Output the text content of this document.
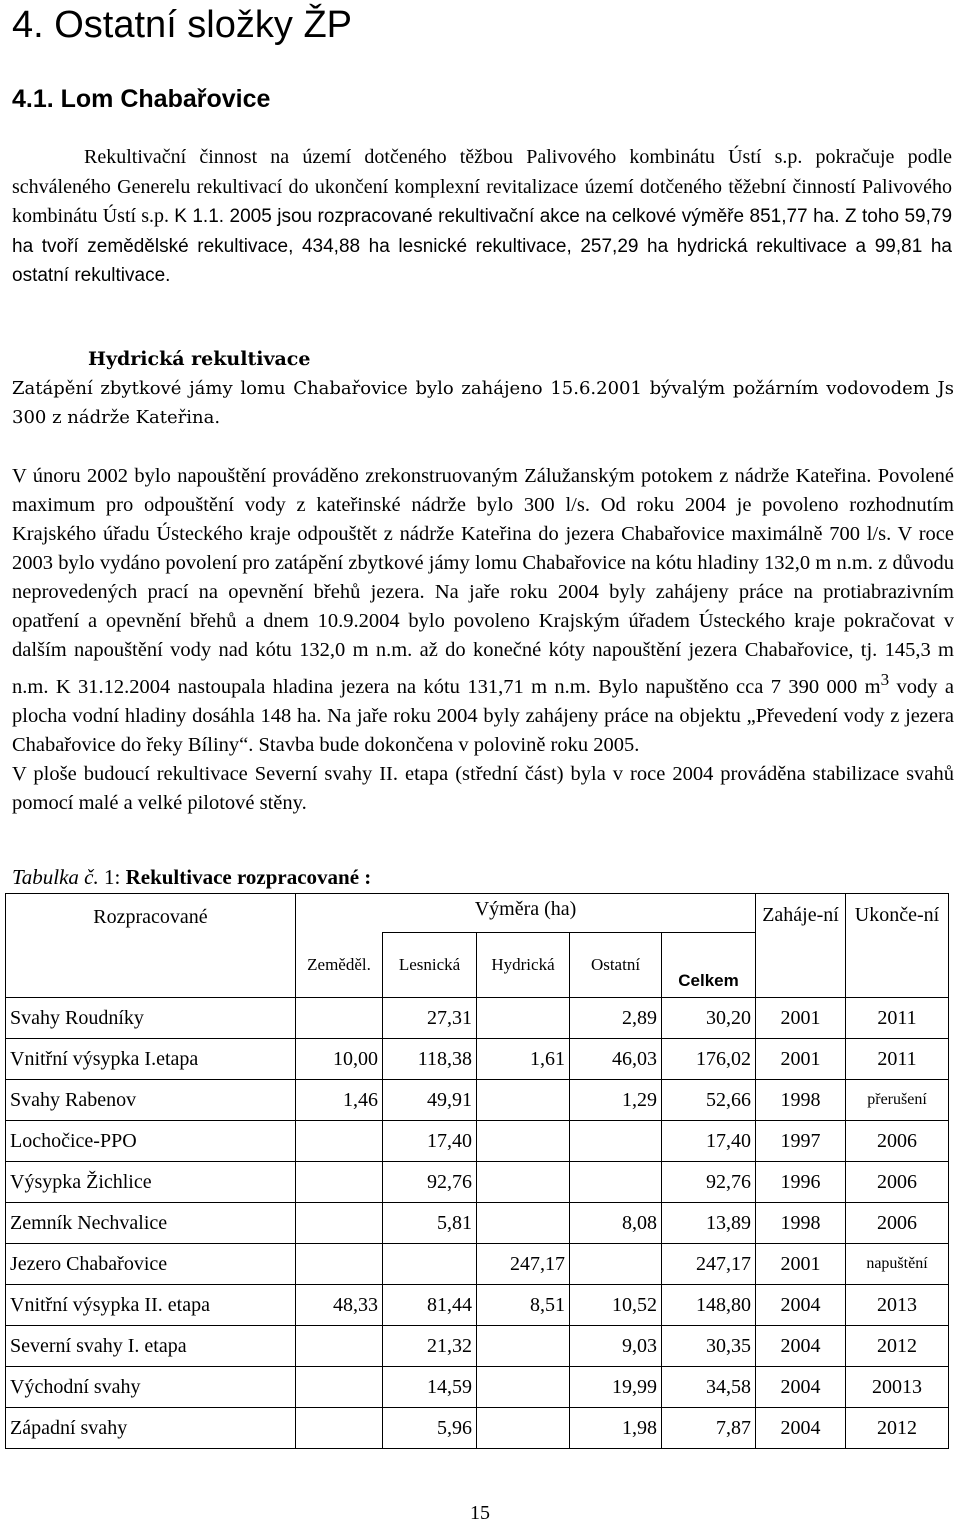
4. Ostatní složky ŽP
4.1. Lom Chabařovice
Rekultivační činnost na území dotčeného těžbou Palivového kombinátu Ústí s.p. pokračuje podle schváleného Generelu rekultivací do ukončení komplexní revitalizace území dotčeného těžební činností Palivového kombinátu Ústí s.p. K 1.1. 2005 jsou rozpracované rekultivační akce na celkové výměře 851,77 ha. Z toho 59,79 ha tvoří zemědělské rekultivace, 434,88 ha lesnické rekultivace, 257,29 ha hydrická rekultivace a 99,81 ha ostatní rekultivace.
Hydrická rekultivace
Zatápění zbytkové jámy lomu Chabařovice bylo zahájeno 15.6.2001 bývalým požárním vodovodem Js 300 z nádrže Kateřina.
V únoru 2002 bylo napouštění prováděno zrekonstruovaným Zálužanským potokem z nádrže Kateřina. Povolené maximum pro odpouštění vody z kateřinské nádrže bylo 300 l/s. Od roku 2004 je povoleno rozhodnutím Krajského úřadu Ústeckého kraje odpouštět z nádrže Kateřina do jezera Chabařovice maximálně 700 l/s. V roce 2003 bylo vydáno povolení pro zatápění zbytkové jámy lomu Chabařovice na kótu hladiny 132,0 m n.m. z důvodu neprovedených prací na opevnění břehů jezera. Na jaře roku 2004 byly zahájeny práce na protiabrazivním opatření a opevnění břehů a dnem 10.9.2004 bylo povoleno Krajským úřadem Ústeckého kraje pokračovat v dalším napouštění vody nad kótu 132,0 m n.m. až do konečné kóty napouštění jezera Chabařovice, tj. 145,3 m n.m. K 31.12.2004 nastoupala hladina jezera na kótu 131,71 m n.m. Bylo napuštěno cca 7 390 000 $m^3$ vody a plocha vodní hladiny dosáhla 148 ha. Na jaře roku 2004 byly zahájeny práce na objektu „Převedení vody z jezera Chabařovice do řeky Bíliny“. Stavba bude dokončena v polovině roku 2005.
V ploše budoucí rekultivace Severní svahy II. etapa (střední část) byla v roce 2004 prováděna stabilizace svahů pomocí malé a velké pilotové stěny.
Tabulka č. 1: Rekultivace rozpracované :
Rozpracované	Výměra (ha)					Zaháje-ní	Ukonče-ní
	Zeměděl.	Lesnická	Hydrická	Ostatní	Celkem		
Svahy Roudníky		27,31		2,89	30,20	2001	2011
Vnitřní výsypka I.etapa	10,00	118,38	1,61	46,03	176,02	2001	2011
Svahy Rabenov	1,46	49,91		1,29	52,66	1998	přerušení
Lochočice-PPO		17,40			17,40	1997	2006
Výsypka Žichlice		92,76			92,76	1996	2006
Zemník Nechvalice		5,81		8,08	13,89	1998	2006
Jezero Chabařovice			247,17		247,17	2001	napuštění
Vnitřní výsypka II. etapa	48,33	81,44	8,51	10,52	148,80	2004	2013
Severní svahy I. etapa		21,32		9,03	30,35	2004	2012
Východní svahy		14,59		19,99	34,58	2004	20013
Západní svahy		5,96		1,98	7,87	2004	2012
15
